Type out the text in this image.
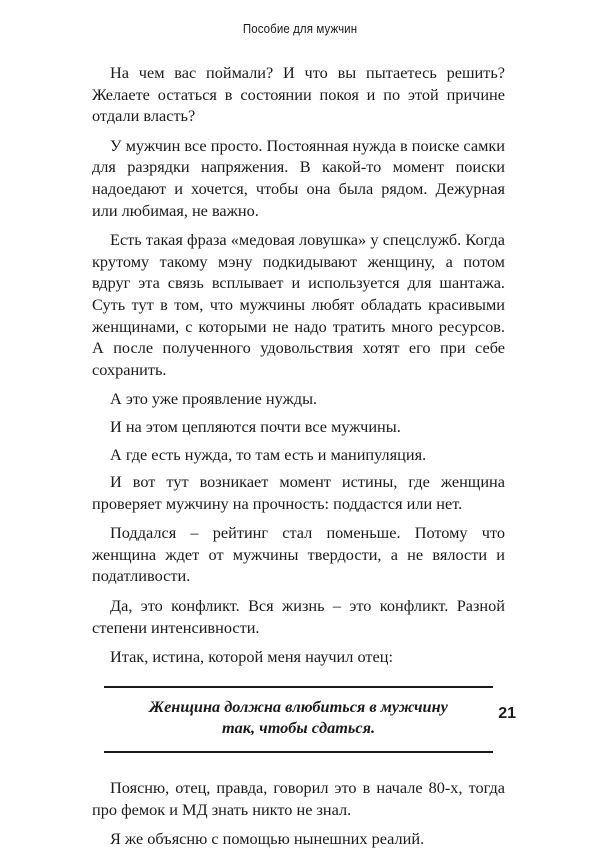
Пособие для мужчин

На чем вас поймали? И что вы пытаетесь решить? Желаете остаться в состоянии покоя и по этой причине отдали власть?

У мужчин все просто. Постоянная нужда в поиске самки для разрядки напряжения. В какой-то момент поиски надоедают и хочется, чтобы она была рядом. Дежурная или любимая, не важно.

Есть такая фраза «медовая ловушка» у спецслужб. Когда крутому такому мэну подкидывают женщину, а потом вдруг эта связь всплывает и используется для шантажа. Суть тут в том, что мужчины любят обладать красивыми женщинами, с которыми не надо тратить много ресурсов. А после полученного удовольствия хотят его при себе сохранить.

А это уже проявление нужды.

И на этом цепляются почти все мужчины.

А где есть нужда, то там есть и манипуляция.

И вот тут возникает момент истины, где женщина проверяет мужчину на прочность: поддастся или нет.

Поддался – рейтинг стал поменьше. Потому что женщина ждет от мужчины твердости, а не вялости и податливости.

Да, это конфликт. Вся жизнь – это конфликт. Разной степени интенсивности.

Итак, истина, которой меня научил отец:

Женщина должна влюбиться в мужчину
так, чтобы сдаться.

Поясню, отец, правда, говорил это в начале 80-х, тогда про фемок и МД знать никто не знал.

Я же объясню с помощью нынешних реалий.

21
